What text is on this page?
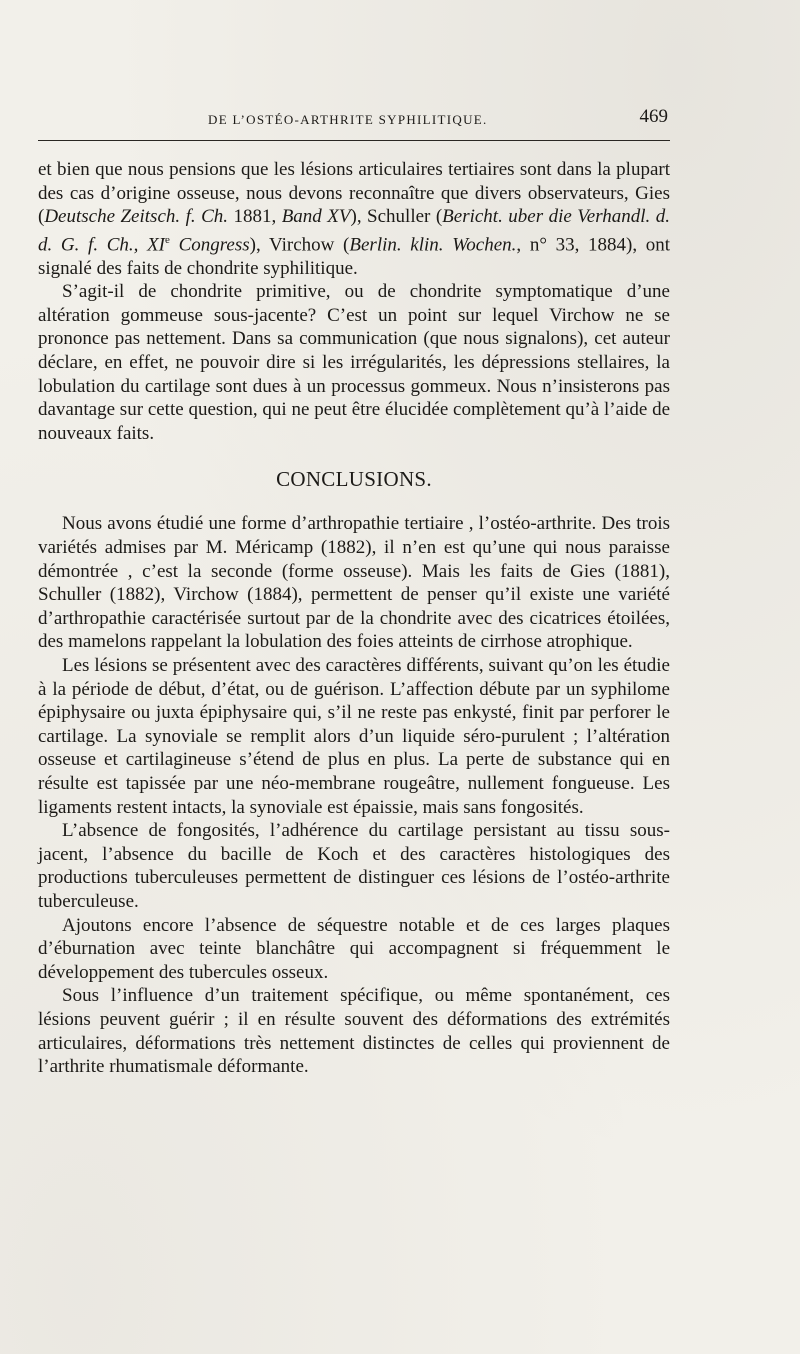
DE L’OSTÉO-ARTHRITE SYPHILITIQUE.	469

et bien que nous pensions que les lésions articulaires tertiaires sont dans la plupart des cas d’origine osseuse, nous devons reconnaître que divers observateurs, Gies (Deutsche Zeitsch. f. Ch. 1881, Band XV), Schuller (Bericht. uber die Verhandl. d. d. G. f. Ch., XIe Congress), Virchow (Berlin. klin. Wochen., n° 33, 1884), ont signalé des faits de chondrite syphilitique.

S’agit-il de chondrite primitive, ou de chondrite symptomatique d’une altération gommeuse sous-jacente? C’est un point sur lequel Virchow ne se prononce pas nettement. Dans sa communication (que nous signalons), cet auteur déclare, en effet, ne pouvoir dire si les irrégularités, les dépressions stellaires, la lobulation du cartilage sont dues à un processus gommeux. Nous n’insisterons pas davantage sur cette question, qui ne peut être élucidée complètement qu’à l’aide de nouveaux faits.

CONCLUSIONS.

Nous avons étudié une forme d’arthropathie tertiaire , l’ostéo-arthrite. Des trois variétés admises par M. Méricamp (1882), il n’en est qu’une qui nous paraisse démontrée , c’est la seconde (forme osseuse). Mais les faits de Gies (1881), Schuller (1882), Virchow (1884), permettent de penser qu’il existe une variété d’arthropathie caractérisée surtout par de la chondrite avec des cicatrices étoilées, des mamelons rappelant la lobulation des foies atteints de cirrhose atrophique.

Les lésions se présentent avec des caractères différents, suivant qu’on les étudie à la période de début, d’état, ou de guérison. L’affection débute par un syphilome épiphysaire ou juxta épiphysaire qui, s’il ne reste pas enkysté, finit par perforer le cartilage. La synoviale se remplit alors d’un liquide séro-purulent ; l’altération osseuse et cartilagineuse s’étend de plus en plus. La perte de substance qui en résulte est tapissée par une néo-membrane rougeâtre, nullement fongueuse. Les ligaments restent intacts, la synoviale est épaissie, mais sans fongosités.

L’absence de fongosités, l’adhérence du cartilage persistant au tissu sous-jacent, l’absence du bacille de Koch et des caractères histologiques des productions tuberculeuses permettent de distinguer ces lésions de l’ostéo-arthrite tuberculeuse.

Ajoutons encore l’absence de séquestre notable et de ces larges plaques d’éburnation avec teinte blanchâtre qui accompagnent si fréquemment le développement des tubercules osseux.

Sous l’influence d’un traitement spécifique, ou même spontanément, ces lésions peuvent guérir ; il en résulte souvent des déformations des extrémités articulaires, déformations très nettement distinctes de celles qui proviennent de l’arthrite rhumatismale déformante.
